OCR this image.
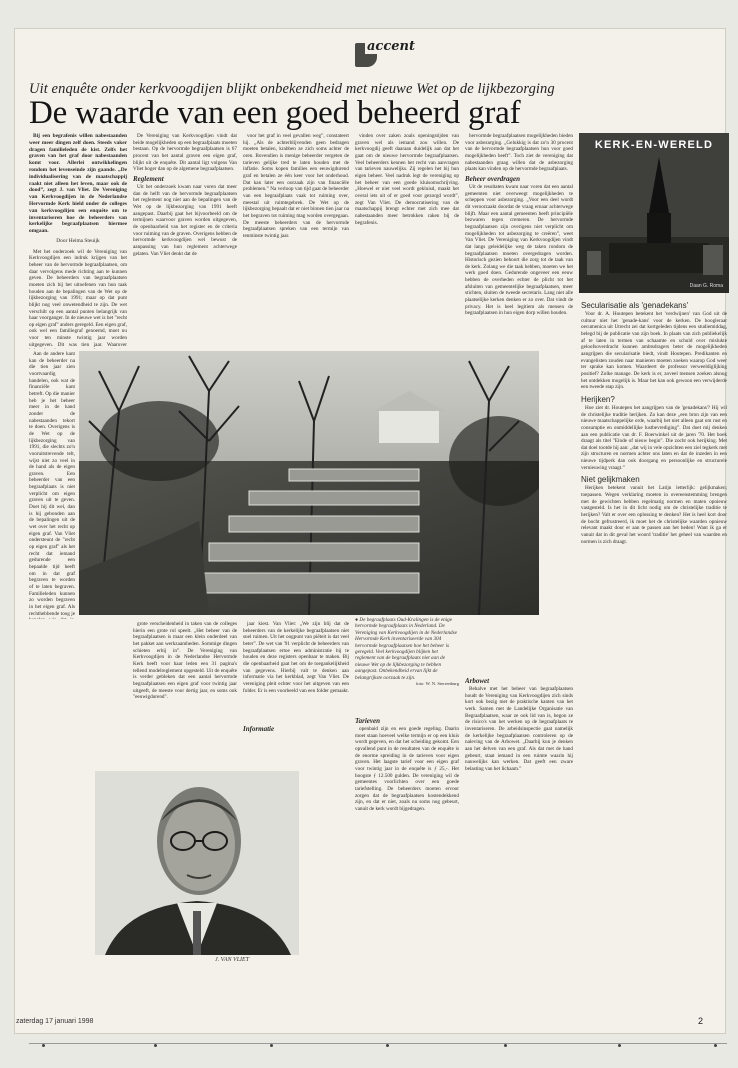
accent
Uit enquête onder kerkvoogdijen blijkt onbekendheid met nieuwe Wet op de lijkbezorging
De waarde van een goed beheerd graf

Bij een begrafenis willen nabestaanden weer meer dingen zelf doen. Steeds vaker dragen familieleden de kist. Zelfs het graven van het graf door nabestaanden komt voor. Allerlei ontwikkelingen rondom het levenseinde zijn gaande. „De individualisering van de maatschappij raakt niet alleen het leven, maar ook de dood”, zegt J. van Vliet. De Vereniging van Kerkvoogdijen in de Nederlandse Hervormde Kerk hield onder de colleges van kerkvoogdijen een enquête om te inventariseren hoe de beheerders van kerkelijke begraafplaatsen hiermee omgaan.

Door Heima Steuijk

Met het onderzoek wil de Vereniging van Kerkvoogdijen een indruk krijgen van het beheer van de hervormde begraafplaatsen, om daar vervolgens mede richting aan te kunnen geven. De beheerders van begraafplaatsen moeten zich bij het uitoefenen van hun taak houden aan de bepalingen van de Wet op de lijkbezorging van 1991; maar op dat punt blijkt nog veel onwetendheid te zijn. De wet verschilt op een aantal punten belangrijk van haar voorganger. In de nieuwe wet is het "recht op eigen graf" anders geregeld. Een eigen graf, ook wel een familiegraf genoemd, moet nu voor ten minste twintig jaar worden uitgegeven. Dit was tien jaar. Waarover

De Vereniging van Kerkvoogdijen vindt dat beide mogelijkheden op een begraafplaats moeten bestaan. Op de hervormde begraafplaatsen is 67 procent van het aantal graven een eigen graf, blijkt uit de enquête. Dit aantal ligt volgens Van Vliet hoger dan op de algemene begraafplaatsen.

Reglement

Uit het onderzoek kwam naar voren dat meer dan de helft van de hervormde begraafplaatsen het reglement nog niet aan de bepalingen van de Wet op de lijkbezorging van 1991 heeft aangepast. Daarbij gaat het bijvoorbeeld om de termijnen waarvoor graven worden uitgegeven, de openbaarheid van het register en de criteria voor ruiming van de graven. Overigens hebben de hervormde kerkvoogdijen wel bewust de aanpassing van hun reglement achterwege gelaten. Van Vliet denkt dat de

voor het graf in veel gevallen weg”, constateert hij. „Als de achterblijvenden geen bedragen moeten betalen, krabben ze zich soms achter de oren. Bovendien is menige beheerder vergeten de tarieven gelijke tred te laten houden met de inflatie. Soms kopen families een eeuwigdurend graf en betalen ze één keer voor het onderhoud. Dat kan later een oorzaak zijn van financiële problemen.” Na verloop van tijd gaat de beheerder van een begraafplaats vaak tot ruiming over, meestal uit ruimtegebrek. De Wet op de lijkbezorging bepaalt dat er niet binnen tien jaar na het begraven tot ruiming mag worden overgegaan. De meeste beheerders van de hervormde begraafplaatsen spreken van een termijn van tenminste twintig jaar.

vinden over zaken zoals openingstijden van graven wel als iemand zou willen. De kerkvoogdij geeft daaraan duidelijk aan dat het gaat om de nieuwe hervormde begraafplaatsen. Veel beheerders kennen het recht van aanvragen van tarieven nauwelijks. Zij regelen het bij hun eigen beheer. Veel nadruk legt de vereniging op het beheer van een goede kluisomschrijving. „Hoewel er niet veel wordt gekluisd, maakt het overal iets uit of er goed voor gezorgd wordt”, zegt Van Vliet. De democratisering van de maatschappij brengt echter met zich mee dat nabestaanden meer betrokken raken bij de begrafenis.

hervormde begraafplaatsen mogelijkheden bieden voor asbezorging. „Gelukkig is dat zo'n 30 procent van de hervormde begraafplaatsen hun voor goed mogelijkheden heeft”. Toch ziet de vereniging dat nabestaanden graag willen dat de asbezorging plaats kan vinden op de hervormde begraafplaats.

Beheer overdragen

Uit de resultaten kwam naar voren dat een aantal gemeenten niet overweegt mogelijkheden te scheppen voor asbezorging. „Voor een deel wordt dit veroorzaakt doordat de vraag ernaar achterwege blijft. Maar een aantal gemeenten heeft principiële bezwaren tegen cremeren. De hervormde begraafplaatsen zijn overigens niet verplicht om mogelijkheden tot asbezorging te creëren”, weet Van Vliet. De Vereniging van Kerkvoogdijen vindt dat langs geleidelijke weg de taken rondom de begraafplaatsen moeten overgedragen worden. Historisch gezien behoort die zorg tot de taak van de kerk. Zolang we die taak hebben, moeten we het werk goed doen. Gedurende ongeveer een eeuw hebben de overheden echter de plicht tot het afsluiten van gemeentelijke begraafplaatsen, meer stichten, sluiten de tweede secretaris. Lang niet alle plaatselijke kerken denken er zo over. Dat vindt de privacy. Het is heel legitiem als mensen de begraafplaatsen in hun eigen dorp willen houden.

Aan de andere kant kan de beheerder na die tien jaar zien voortvaardig handelen, ook wat de financiële kant betreft. Op die manier heb je het beheer meer in de hand zonder de nabestaanden tekort te doen. Overigens is de Wet op de lijkbezorging van 1991, die slechts zo'n vooruitstrevende telt, wijst niet zo veel in de hand als de eigen graven. Een beheerder van een begraafplaats is niet verplicht om eigen graven uit te geven. Doet hij dit wel, dan is hij gebonden aan de bepalingen uit de wet over het recht op eigen graf. Van Vliet ondersteunt de "recht op eigen graf" als het recht dat iemand gedurende een bepaalde tijd heeft om in dat graf begraven te worden of te laten begraven. Familieleden kunnen zo worden begraven in het eigen graf. Als rechthebbende toog je

● De begraafplaats Oud-Kralingen is de enige hervormde begraafplaats in Nederland. De Vereniging van Kerkvoogdijen in de Nederlandse Hervormde Kerk inventariseerde van 304 hervormde begraafplaatsen hoe het beheer is geregeld. Veel kerkvoogdijen blijken het reglement van de begraafplaats niet aan de nieuwe Wet op de lijkbezorging te hebben aangepast. Onbekendheid ervan lijkt de belangrijkste oorzaak te zijn.
foto: W. N. Sterrenburg

grote verscheidenheid in taken van de colleges hierin een grote rol speelt. „Het beheer van de begraafplaatsen is maar een klein onderdeel van het pakket aan werkzaamheden. Sommige dingen schieten erbij in”. De Vereniging van Kerkvoogdijen in de Nederlandse Hervormde Kerk heeft voor haar leden een 31 pagina's tellend modelreglement opgesteld. Uit de enquête is verder gebleken dat een aantal hervormde begraafplaatsen een eigen graf voor twintig jaar uitgeeft, de meeste voor dertig jaar, en soms ook "eeuwigdurend".

jaar kiest. Van Vliet: „We zijn blij dat de beheerders van de kerkelijke begraafplaatsen niet snel ruimen. Uit het oogpunt van piëteit is dat veel beter”. De wet van '91 verplicht de beheerders van begraafplaatsen ertoe een administratie bij te houden en deze registers openbaar te maken. Bij die openbaarheid gaat het om de toegankelijkheid van gegevens. Hierbij valt te denken aan informatie via het kerkblad, zegt Van Vliet. De vereniging pleit echter voor het uitgeven van een folder. Er is een voorbeeld van een folder gemaakt.

J. VAN VLIET
Informatie
Tarieven

openbaid zijn en een goede regeling. Daarin moet staan hoeveel welke termijn er op een kluis wordt gegeven, en dat het scheiding gekomt. Een opvallend punt in de resultaten van de enquête is de enorme spreiding in de tarieven voor eigen graven. Het laagste tarief voor een eigen graf voor twintig jaar in de enquête is ƒ 25,-. Het hoogste ƒ 12.500 gulden. De vereniging wil de gemeentes voorlichten over een goede tariefstelling. De beheerders moeten ervoor zorgen dat de begraafplaatsen kostendekkend zijn, en dat er niet, zoals nu soms nog gebeurt, vanuit de kerk wordt bijgedragen.

Arbowet

Behalve met het beheer van begraafplaatsen houdt de Vereniging van Kerkvoogdijen zich sinds kort ook bezig met de praktische kanten van het werk. Samen met de Landelijke Organisatie van Begraafplaatsen, waar ze ook lid van is, begon ze de risico's van het werken op de begraafplaats te inventariseren. De arbeidsinspectie gaat namelijk de kerkelijke begraafplaatsen controleren op de naleving van de Arbowet. „Daarbij kun je denken aan het delven van een graf. Als dat met de hand gebeurt, staat iemand in een ruimte waarin hij nauwelijks kan werken. Dat geeft een zware belasting van het lichaam.”

KERK-EN-WERELD
Daan G. Roma
Secularisatie als 'genadekans'

Voor dr. A. Houtepen betekent het 'verdwijnen' van God uit de cultuur niet het 'genade-kans' voor de kerken. De hoogleraar oecumenica uit Utrecht zei dat kortgeleden tijdens een studiemiddag, belegd bij de publicatie van zijn boek. In plaats van zich publiekelijk af te laten in termen van schaamte en schuld over mislukte geloofsoverdracht kunnen ambtsdragers beter de mogelijkheden aangrijpen die secularisatie biedt, vindt Houtepen. Predikanten en evangelisten zouden naar manieren moeten zoeken waarop God weer ter sprake kan komen. Waardeert de professor verweeldiglijking positief? Zolke manage. De kerk is er, zoveel mensen zoeken alsnog het ontdekken mogelijk is. Maar het kan ook gewoon een verwijderde een tweede stap zijn.

Herijken?

Hoe ziet dr. Houtepen het aangrijpen van de 'genadekans'? Hij wil de christelijke traditie herijken. Zo kan deze „een bron zijn van een nieuwe maatschappelijke orde, waarbij het niet alleen gaat om rust en consumptie en onmiddellijke lustbevrediging”. Dat doet mij denken aan een publicatie van dr. F. Boerwinkel uit de jaren '70. Het boek draagt als titel "Einde of nieuw begin". Die zocht ook herijking. Met dat doel tootde hij aan: „dat wij in vele opzichten een ziel tegkerk met zijn structuren en normen achter ons laten en dat de inzeden in een nieuwe tijdperk dan ook doorgang en persoonlijke en structurele vernieuwing vraagt.”

Niet gelijkmaken

Herijken betekent vanuit het Latijn letterlijk: gelijkmaken; toepassen. Wegen verklaring moeten in overeenstemming brengen met de gewichten hebben regelmatig normen en maten opnieuw vastgesteld. Is het in dit licht nodig om de christelijke traditie te herijken? Valt er over een oplossing te denken? Het is heel kort door de bocht gefrustreerd, ik moet het de christelijke waarden opnieuw relevant maakt door er aan te passen aan het heden! Want ik ga er vanuit dat in dit geval het woord 'traditie' het geheel van waarden en normen is zich draagt.

zaterdag 17 januari 1998	2
